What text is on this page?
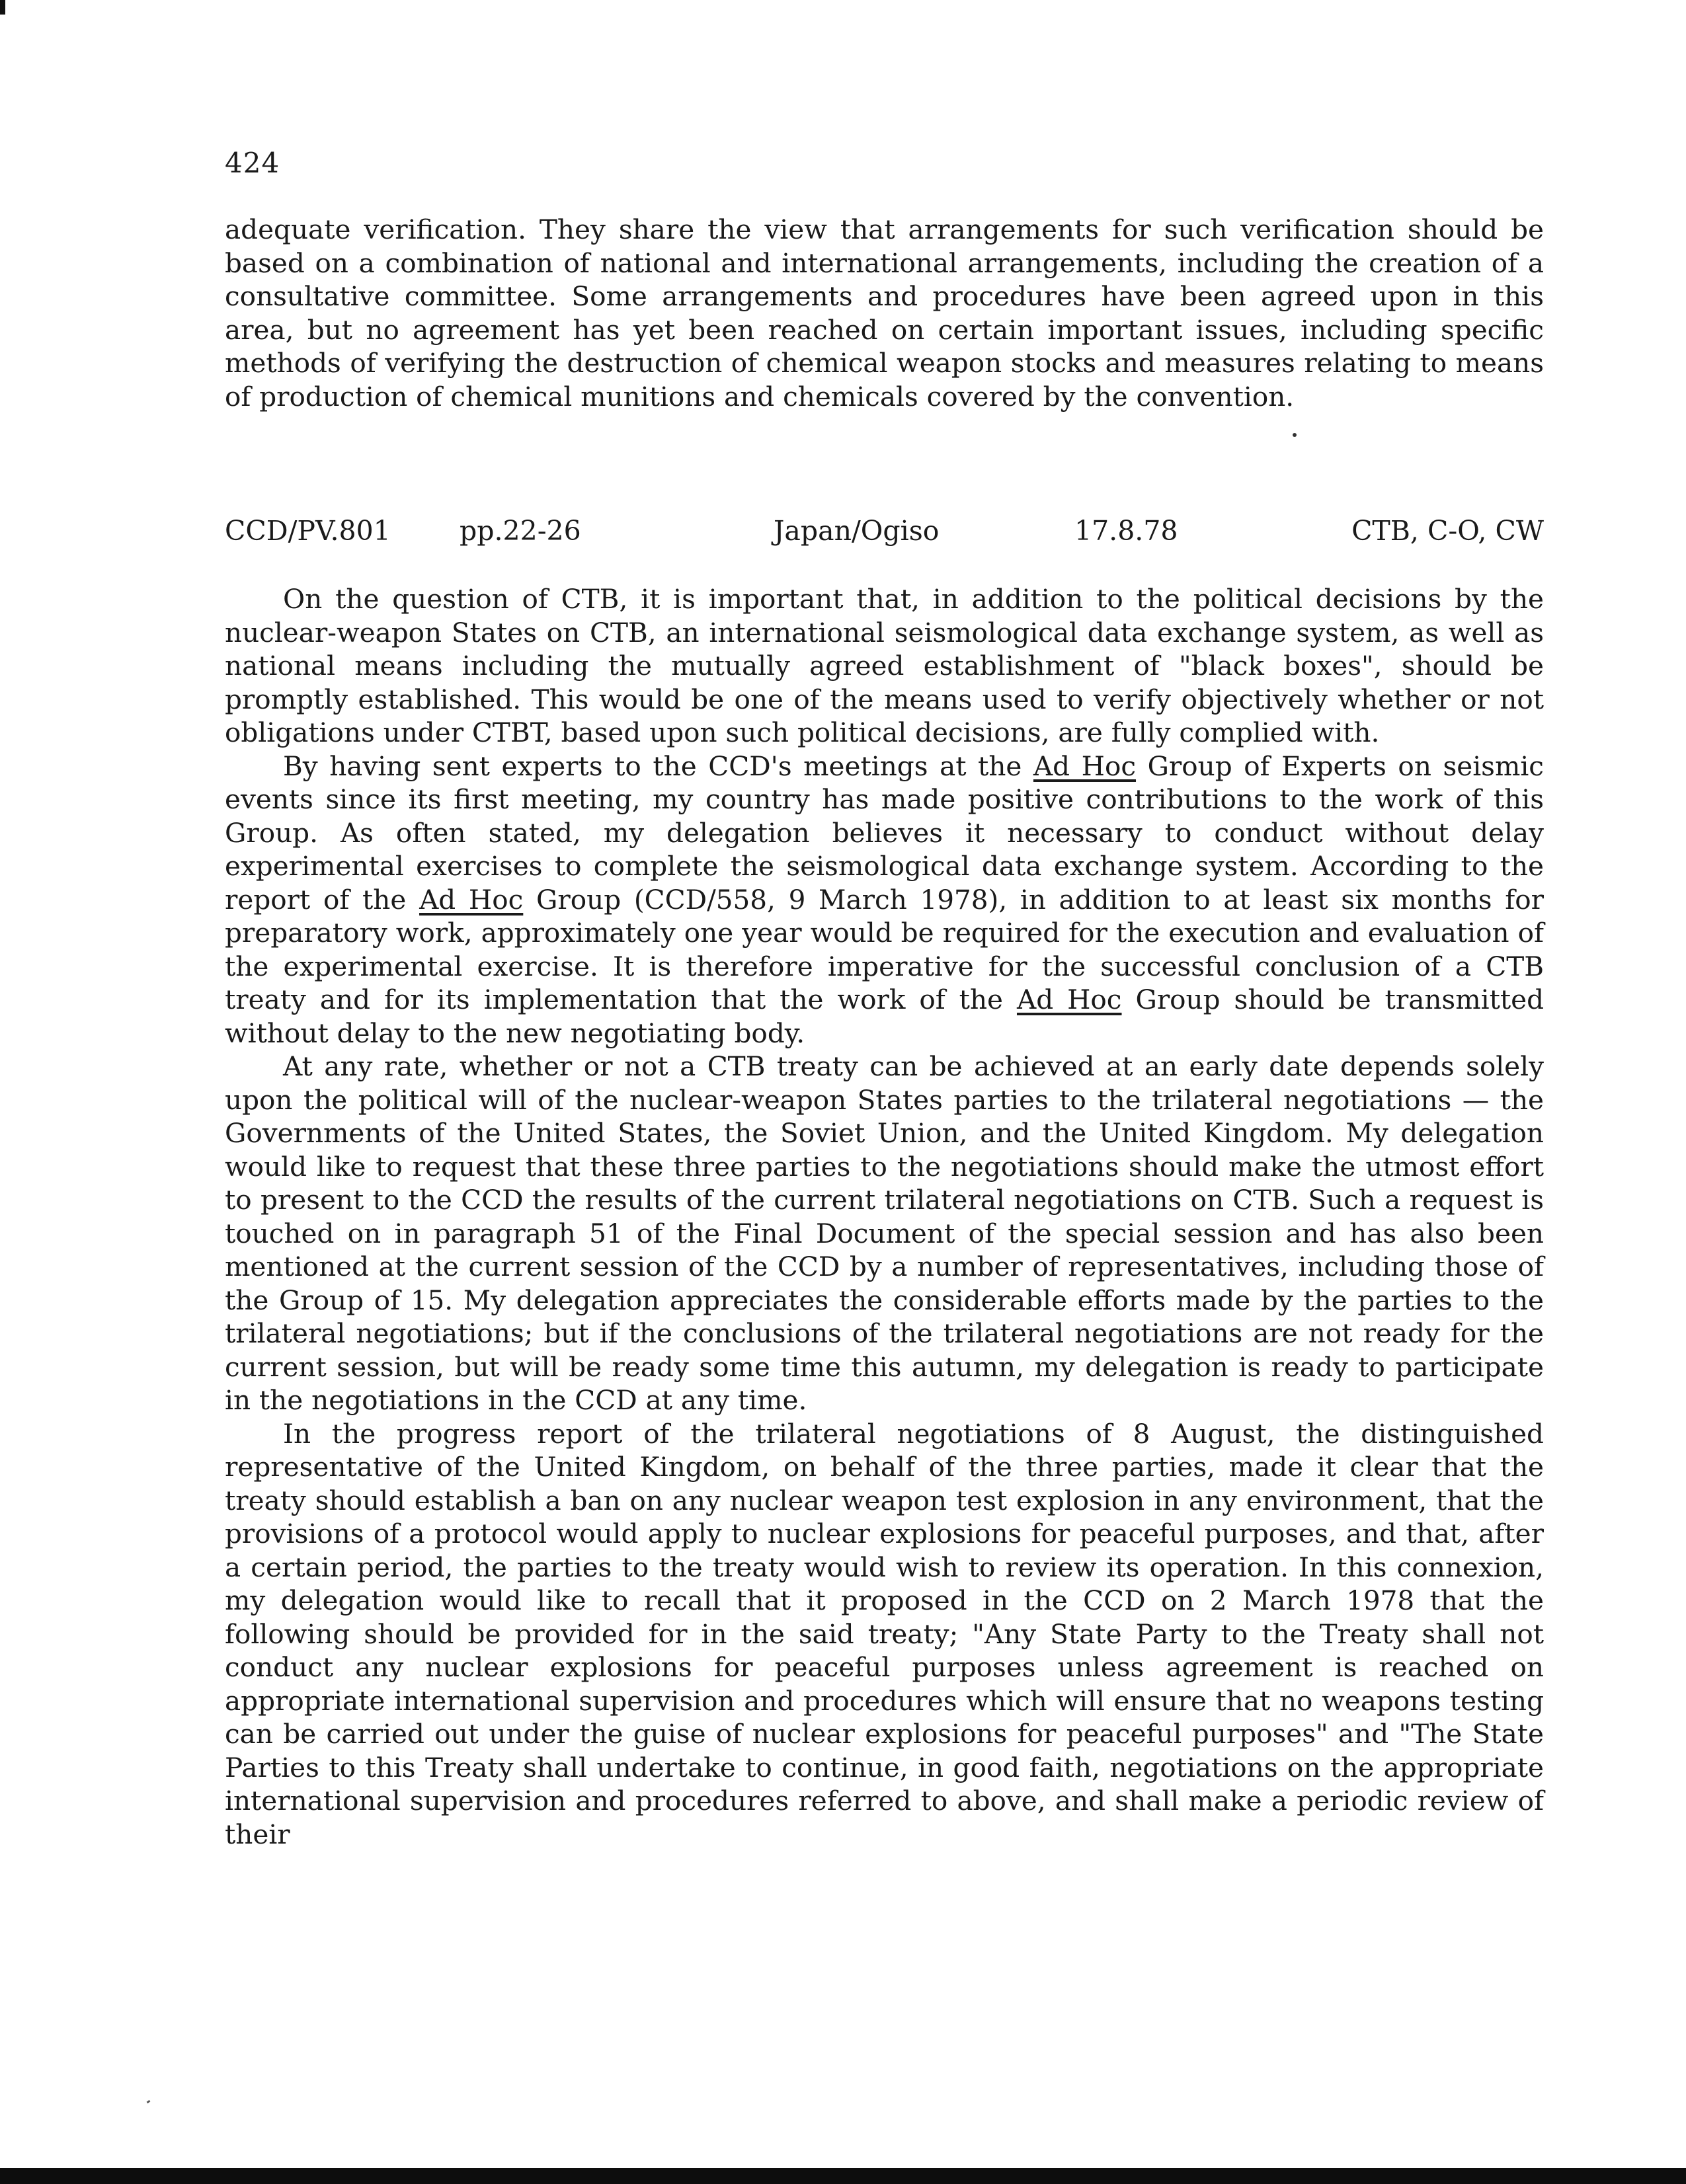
424
adequate verification. They share the view that arrangements for such verification should be based on a combination of national and international arrangements, including the creation of a consultative committee. Some arrangements and procedures have been agreed upon in this area, but no agreement has yet been reached on certain important issues, including specific methods of verifying the destruction of chemical weapon stocks and measures relating to means of production of chemical munitions and chemicals covered by the convention.
CCD/PV.801	pp.22-26	Japan/Ogiso	17.8.78	CTB, C-O, CW

On the question of CTB, it is important that, in addition to the political decisions by the nuclear-weapon States on CTB, an international seismological data exchange system, as well as national means including the mutually agreed establishment of "black boxes", should be promptly established. This would be one of the means used to verify objectively whether or not obligations under CTBT, based upon such political decisions, are fully complied with.

By having sent experts to the CCD's meetings at the Ad Hoc Group of Experts on seismic events since its first meeting, my country has made positive contributions to the work of this Group. As often stated, my delegation believes it necessary to conduct without delay experimental exercises to complete the seismological data exchange system. According to the report of the Ad Hoc Group (CCD/558, 9 March 1978), in addition to at least six months for preparatory work, approximately one year would be required for the execution and evaluation of the experimental exercise. It is therefore imperative for the successful conclusion of a CTB treaty and for its implementation that the work of the Ad Hoc Group should be transmitted without delay to the new negotiating body.

At any rate, whether or not a CTB treaty can be achieved at an early date depends solely upon the political will of the nuclear-weapon States parties to the trilateral negotiations — the Governments of the United States, the Soviet Union, and the United Kingdom. My delegation would like to request that these three parties to the negotiations should make the utmost effort to present to the CCD the results of the current trilateral negotiations on CTB. Such a request is touched on in paragraph 51 of the Final Document of the special session and has also been mentioned at the current session of the CCD by a number of representatives, including those of the Group of 15. My delegation appreciates the considerable efforts made by the parties to the trilateral negotiations; but if the conclusions of the trilateral negotiations are not ready for the current session, but will be ready some time this autumn, my delegation is ready to participate in the negotiations in the CCD at any time.

In the progress report of the trilateral negotiations of 8 August, the distinguished representative of the United Kingdom, on behalf of the three parties, made it clear that the treaty should establish a ban on any nuclear weapon test explosion in any environment, that the provisions of a protocol would apply to nuclear explosions for peaceful purposes, and that, after a certain period, the parties to the treaty would wish to review its operation. In this connexion, my delegation would like to recall that it proposed in the CCD on 2 March 1978 that the following should be provided for in the said treaty; "Any State Party to the Treaty shall not conduct any nuclear explosions for peaceful purposes unless agreement is reached on appropriate international supervision and procedures which will ensure that no weapons testing can be carried out under the guise of nuclear explosions for peaceful purposes" and "The State Parties to this Treaty shall undertake to continue, in good faith, negotiations on the appropriate international supervision and procedures referred to above, and shall make a periodic review of their
